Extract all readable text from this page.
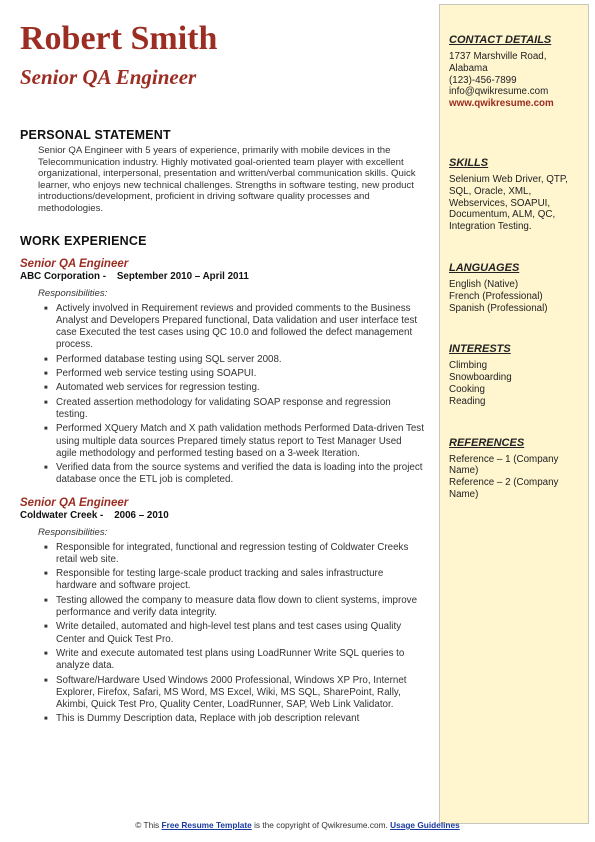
Robert Smith
Senior QA Engineer
PERSONAL STATEMENT
Senior QA Engineer with 5 years of experience, primarily with mobile devices in the Telecommunication industry. Highly motivated goal-oriented team player with excellent organizational, interpersonal, presentation and written/verbal communication skills. Quick learner, who enjoys new technical challenges. Strengths in software testing, new product introductions/development, proficient in driving software quality processes and methodologies.
WORK EXPERIENCE
Senior QA Engineer
ABC Corporation - September 2010 – April 2011
Responsibilities:
■ Actively involved in Requirement reviews and provided comments to the Business Analyst and Developers Prepared functional, Data validation and user interface test case Executed the test cases using QC 10.0 and followed the defect management process.
■ Performed database testing using SQL server 2008.
■ Performed web service testing using SOAPUI.
■ Automated web services for regression testing.
■ Created assertion methodology for validating SOAP response and regression testing.
■ Performed XQuery Match and X path validation methods Performed Data-driven Test using multiple data sources Prepared timely status report to Test Manager Used agile methodology and performed testing based on a 3-week Iteration.
■ Verified data from the source systems and verified the data is loading into the project database once the ETL job is completed.
Senior QA Engineer
Coldwater Creek - 2006 – 2010
Responsibilities:
■ Responsible for integrated, functional and regression testing of Coldwater Creeks retail web site.
■ Responsible for testing large-scale product tracking and sales infrastructure hardware and software project.
■ Testing allowed the company to measure data flow down to client systems, improve performance and verify data integrity.
■ Write detailed, automated and high-level test plans and test cases using Quality Center and Quick Test Pro.
■ Write and execute automated test plans using LoadRunner Write SQL queries to analyze data.
■ Software/Hardware Used Windows 2000 Professional, Windows XP Pro, Internet Explorer, Firefox, Safari, MS Word, MS Excel, Wiki, MS SQL, SharePoint, Rally, Akimbi, Quick Test Pro, Quality Center, LoadRunner, SAP, Web Link Validator.
■ This is Dummy Description data, Replace with job description relevant
CONTACT DETAILS
1737 Marshville Road, Alabama
(123)-456-7899
info@qwikresume.com
www.qwikresume.com
SKILLS
Selenium Web Driver, QTP, SQL, Oracle, XML, Webservices, SOAPUI, Documentum, ALM, QC, Integration Testing.
LANGUAGES
English (Native)
French (Professional)
Spanish (Professional)
INTERESTS
Climbing
Snowboarding
Cooking
Reading
REFERENCES
Reference – 1 (Company Name)
Reference – 2 (Company Name)
© This Free Resume Template is the copyright of Qwikresume.com. Usage Guidelines
